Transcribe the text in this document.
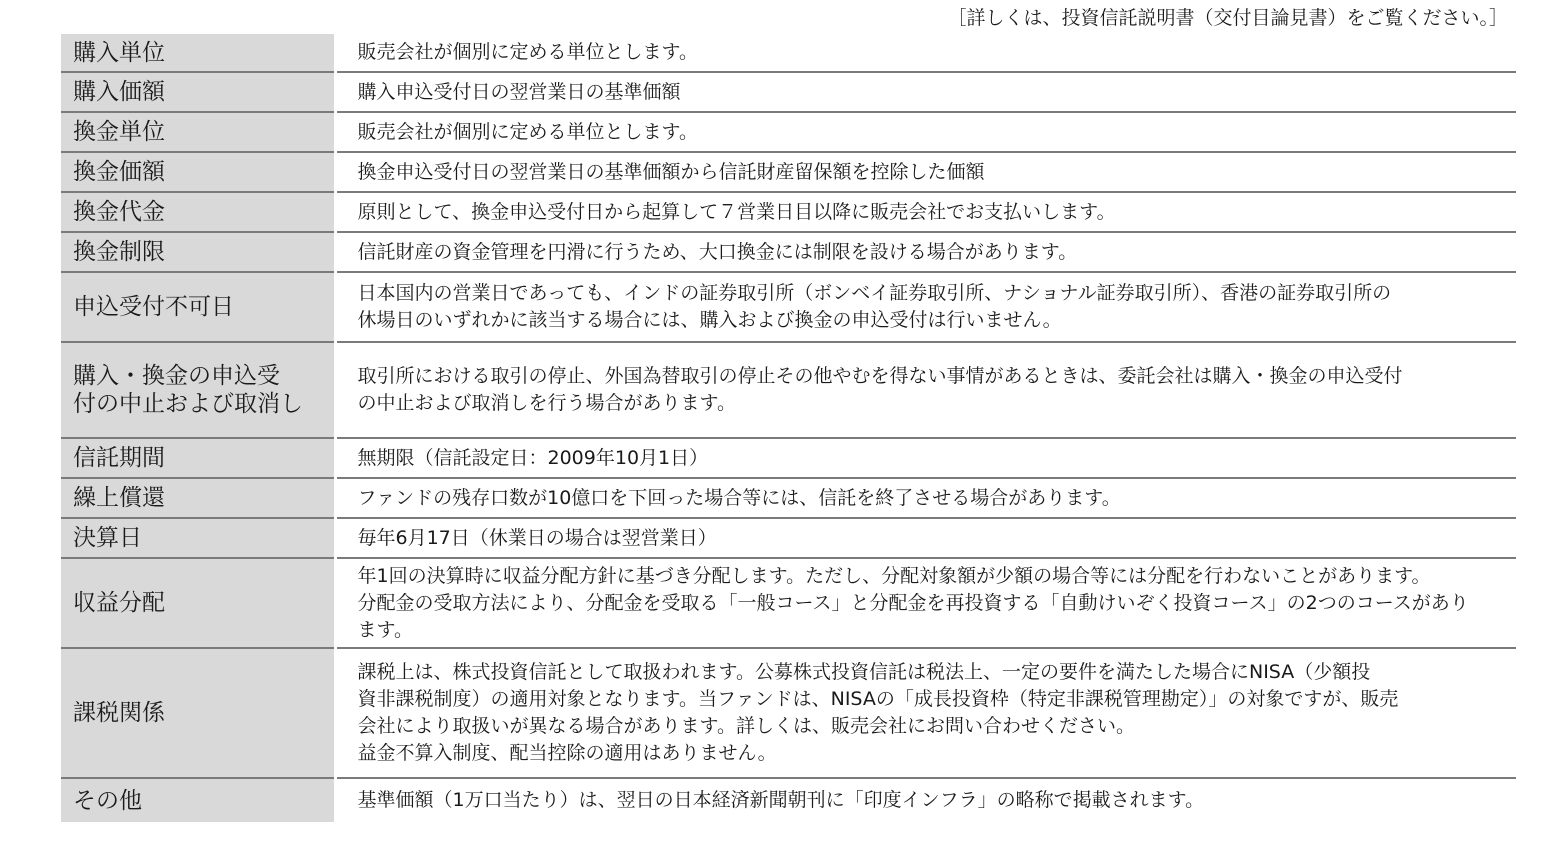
［詳しくは、投資信託説明書（交付目論見書）をご覧ください。］
購入単位	販売会社が個別に定める単位とします。

購入価額	購入申込受付日の翌営業日の基準価額

換金単位	販売会社が個別に定める単位とします。

換金価額	換金申込受付日の翌営業日の基準価額から信託財産留保額を控除した価額

換金代金	原則として、換金申込受付日から起算して７営業日目以降に販売会社でお支払いします。

換金制限	信託財産の資金管理を円滑に行うため、大口換金には制限を設ける場合があります。

申込受付不可日	日本国内の営業日であっても、インドの証券取引所（ボンベイ証券取引所、ナショナル証券取引所）、香港の証券取引所の
休場日のいずれかに該当する場合には、購入および換金の申込受付は行いません。

購入・換金の申込受
付の中止および取消し	取引所における取引の停止、外国為替取引の停止その他やむを得ない事情があるときは、委託会社は購入・換金の申込受付
の中止および取消しを行う場合があります。

信託期間	無期限（信託設定日：2009年10月1日）

繰上償還	ファンドの残存口数が10億口を下回った場合等には、信託を終了させる場合があります。

決算日	毎年6月17日（休業日の場合は翌営業日）

収益分配	年1回の決算時に収益分配方針に基づき分配します。ただし、分配対象額が少額の場合等には分配を行わないことがあります。
分配金の受取方法により、分配金を受取る「一般コース」と分配金を再投資する「自動けいぞく投資コース」の2つのコースがあり
ます。

課税関係	課税上は、株式投資信託として取扱われます。公募株式投資信託は税法上、一定の要件を満たした場合にNISA（少額投
資非課税制度）の適用対象となります。当ファンドは、NISAの「成長投資枠（特定非課税管理勘定）」の対象ですが、販売
会社により取扱いが異なる場合があります。詳しくは、販売会社にお問い合わせください。
益金不算入制度、配当控除の適用はありません。

その他	基準価額（1万口当たり）は、翌日の日本経済新聞朝刊に「印度インフラ」の略称で掲載されます。
